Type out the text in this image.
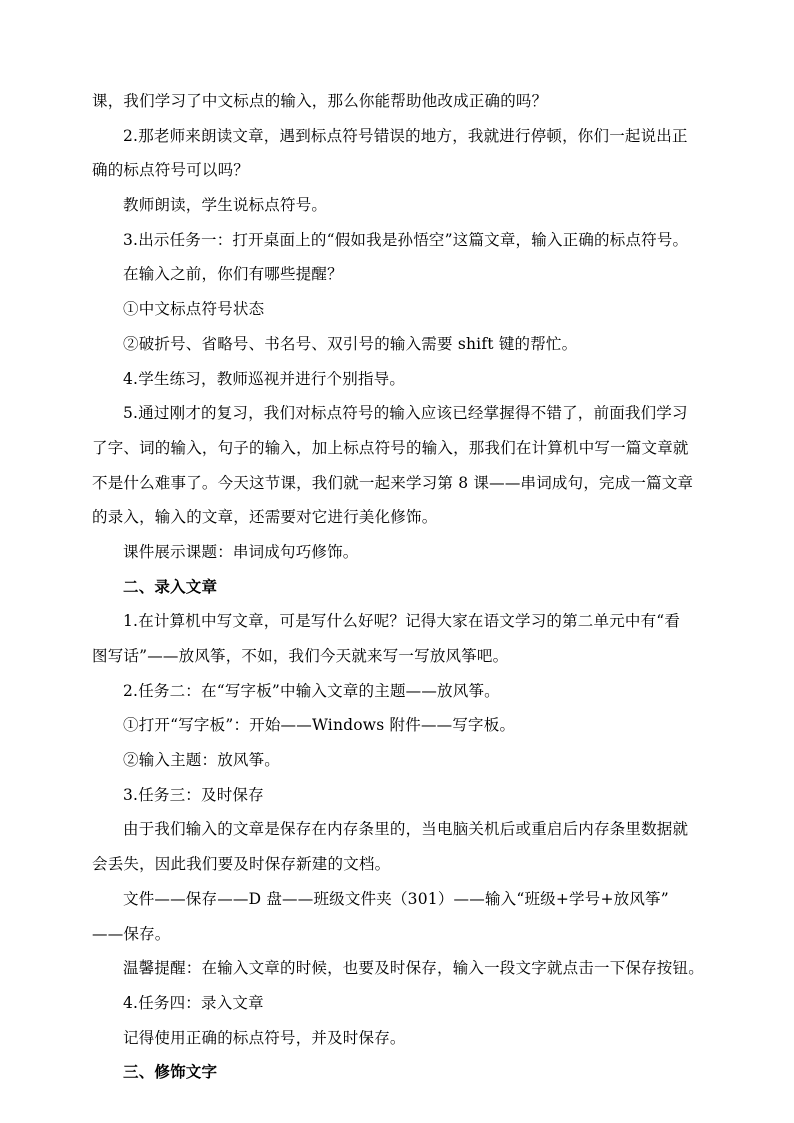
课，我们学习了中文标点的输入，那么你能帮助他改成正确的吗？
2.那老师来朗读文章，遇到标点符号错误的地方，我就进行停顿，你们一起说出正
确的标点符号可以吗？
教师朗读，学生说标点符号。
3.出示任务一：打开桌面上的“假如我是孙悟空”这篇文章，输入正确的标点符号。
在输入之前，你们有哪些提醒？
①中文标点符号状态
②破折号、省略号、书名号、双引号的输入需要 shift 键的帮忙。
4.学生练习，教师巡视并进行个别指导。
5.通过刚才的复习，我们对标点符号的输入应该已经掌握得不错了，前面我们学习
了字、词的输入，句子的输入，加上标点符号的输入，那我们在计算机中写一篇文章就
不是什么难事了。今天这节课，我们就一起来学习第 8 课——串词成句，完成一篇文章
的录入，输入的文章，还需要对它进行美化修饰。
课件展示课题：串词成句巧修饰。
二、录入文章
1.在计算机中写文章，可是写什么好呢？记得大家在语文学习的第二单元中有“看
图写话”——放风筝，不如，我们今天就来写一写放风筝吧。
2.任务二：在“写字板”中输入文章的主题——放风筝。
①打开“写字板”：开始——Windows 附件——写字板。
②输入主题：放风筝。
3.任务三：及时保存
由于我们输入的文章是保存在内存条里的，当电脑关机后或重启后内存条里数据就
会丢失，因此我们要及时保存新建的文档。
文件——保存——D 盘——班级文件夹（301）——输入“班级+学号+放风筝”
——保存。
温馨提醒：在输入文章的时候，也要及时保存，输入一段文字就点击一下保存按钮。
4.任务四：录入文章
记得使用正确的标点符号，并及时保存。
三、修饰文字
